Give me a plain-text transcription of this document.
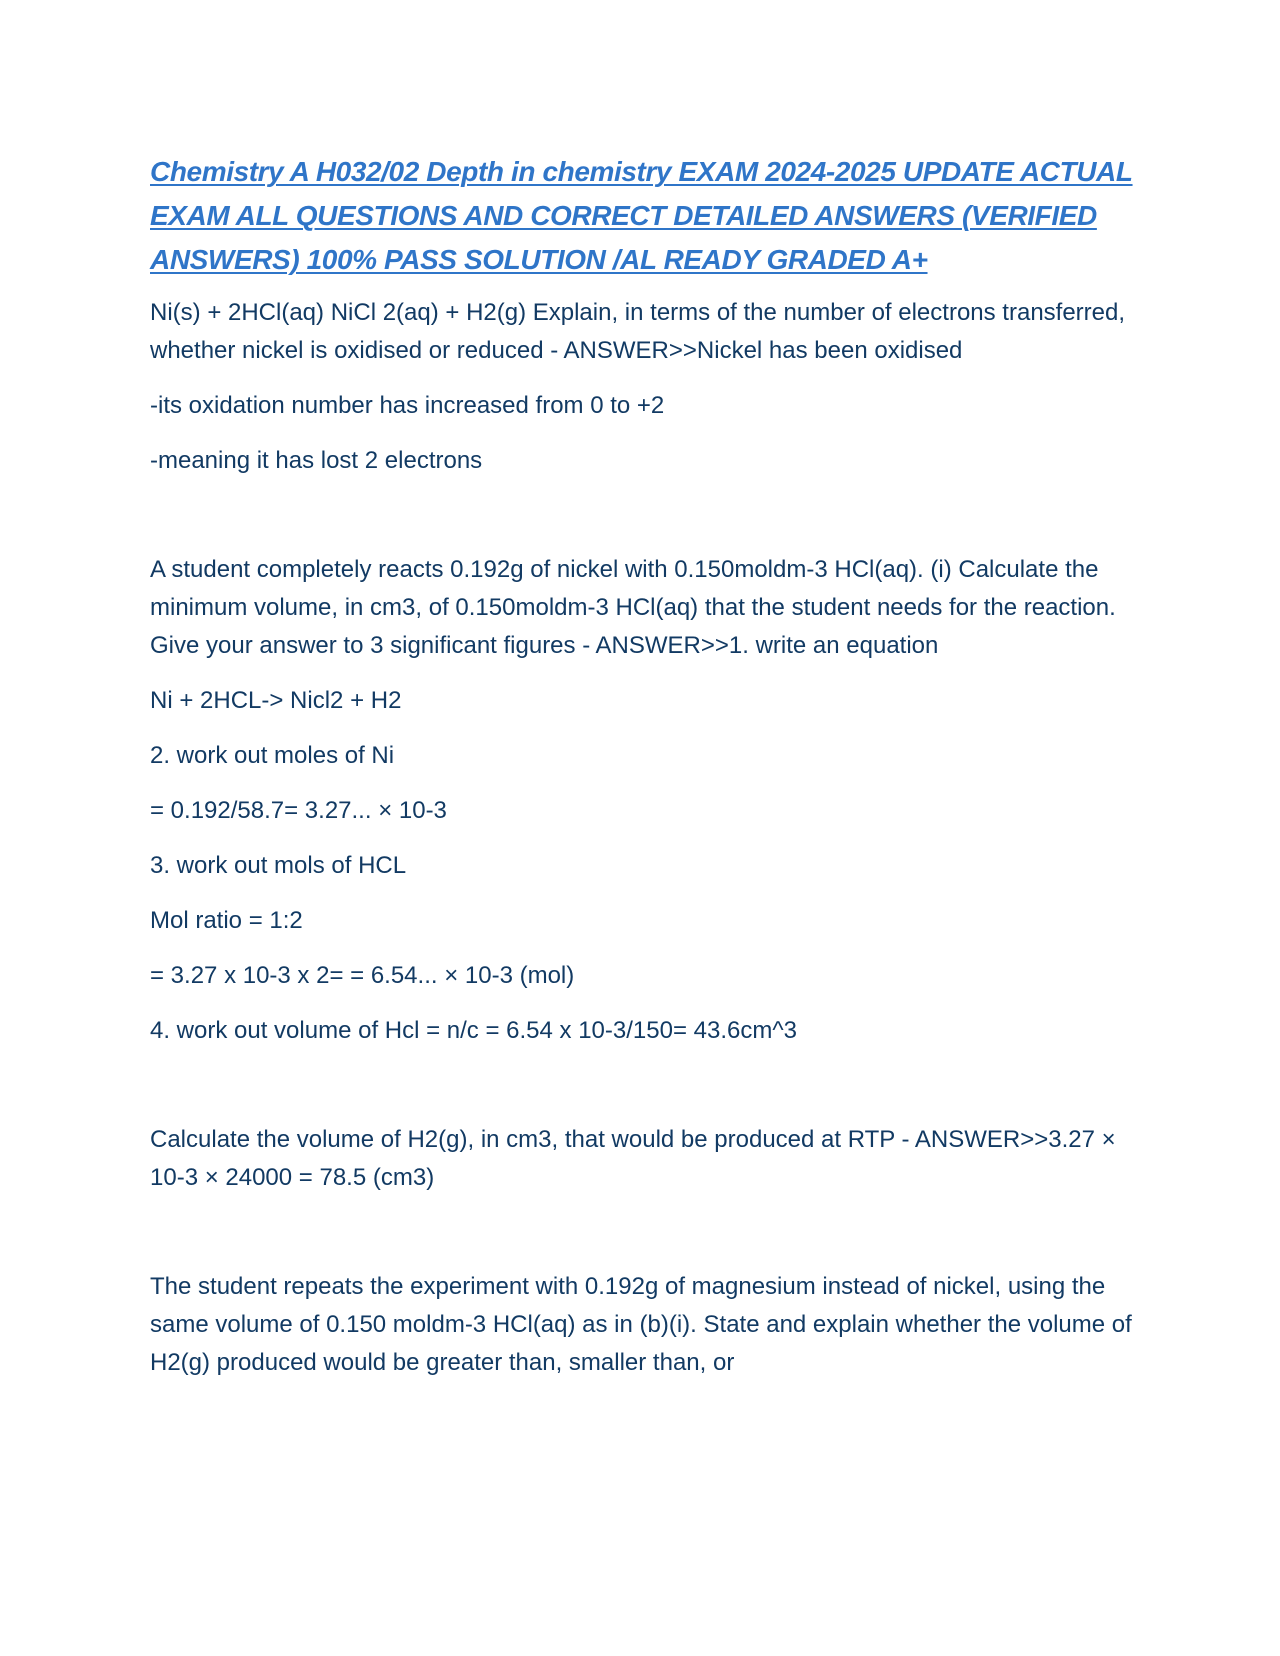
Chemistry A H032/02 Depth in chemistry EXAM 2024-2025 UPDATE ACTUAL EXAM ALL QUESTIONS AND CORRECT DETAILED ANSWERS (VERIFIED ANSWERS) 100% PASS SOLUTION /AL READY GRADED A+

Ni(s) + 2HCl(aq) NiCl 2(aq) + H2(g) Explain, in terms of the number of electrons transferred, whether nickel is oxidised or reduced - ANSWER>>Nickel has been oxidised

-its oxidation number has increased from 0 to +2

-meaning it has lost 2 electrons

A student completely reacts 0.192g of nickel with 0.150moldm-3 HCl(aq). (i) Calculate the minimum volume, in cm3, of 0.150moldm-3 HCl(aq) that the student needs for the reaction. Give your answer to 3 significant figures - ANSWER>>1. write an equation

Ni + 2HCL-> Nicl2 + H2

2. work out moles of Ni

= 0.192/58.7= 3.27... × 10-3

3. work out mols of HCL

Mol ratio = 1:2

= 3.27 x 10-3 x 2= = 6.54... × 10-3 (mol)

4. work out volume of Hcl = n/c = 6.54 x 10-3/150= 43.6cm^3

Calculate the volume of H2(g), in cm3, that would be produced at RTP - ANSWER>>3.27 × 10-3 × 24000 = 78.5 (cm3)

The student repeats the experiment with 0.192g of magnesium instead of nickel, using the same volume of 0.150 moldm-3 HCl(aq) as in (b)(i). State and explain whether the volume of H2(g) produced would be greater than, smaller than, or
